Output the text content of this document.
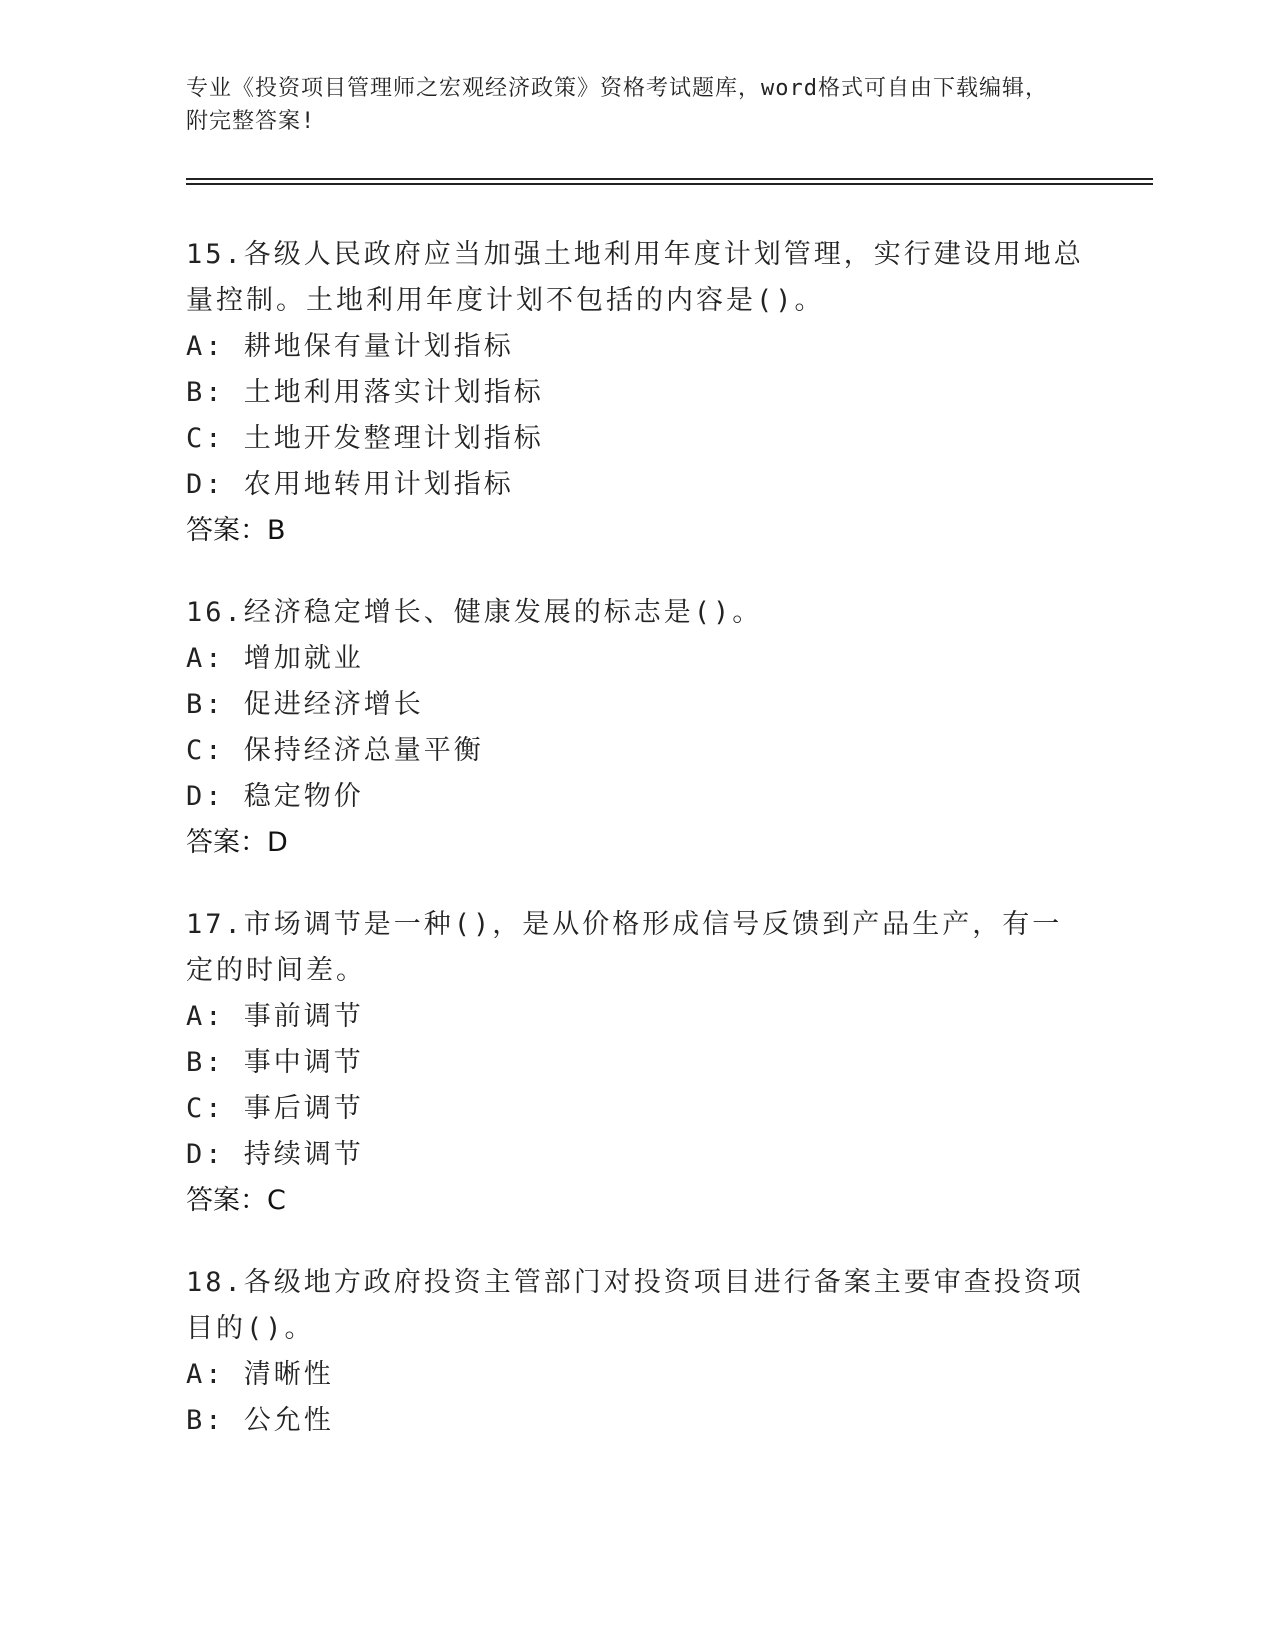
专业《投资项目管理师之宏观经济政策》资格考试题库，word格式可自由下载编辑，附完整答案!

15.各级人民政府应当加强土地利用年度计划管理，实行建设用地总量控制。土地利用年度计划不包括的内容是()。

A: 耕地保有量计划指标

B: 土地利用落实计划指标

C: 土地开发整理计划指标

D: 农用地转用计划指标

答案：B

16.经济稳定增长、健康发展的标志是()。

A: 增加就业

B: 促进经济增长

C: 保持经济总量平衡

D: 稳定物价

答案：D

17.市场调节是一种()，是从价格形成信号反馈到产品生产，有一定的时间差。

A: 事前调节

B: 事中调节

C: 事后调节

D: 持续调节

答案：C

18.各级地方政府投资主管部门对投资项目进行备案主要审查投资项目的()。

A: 清晰性

B: 公允性
